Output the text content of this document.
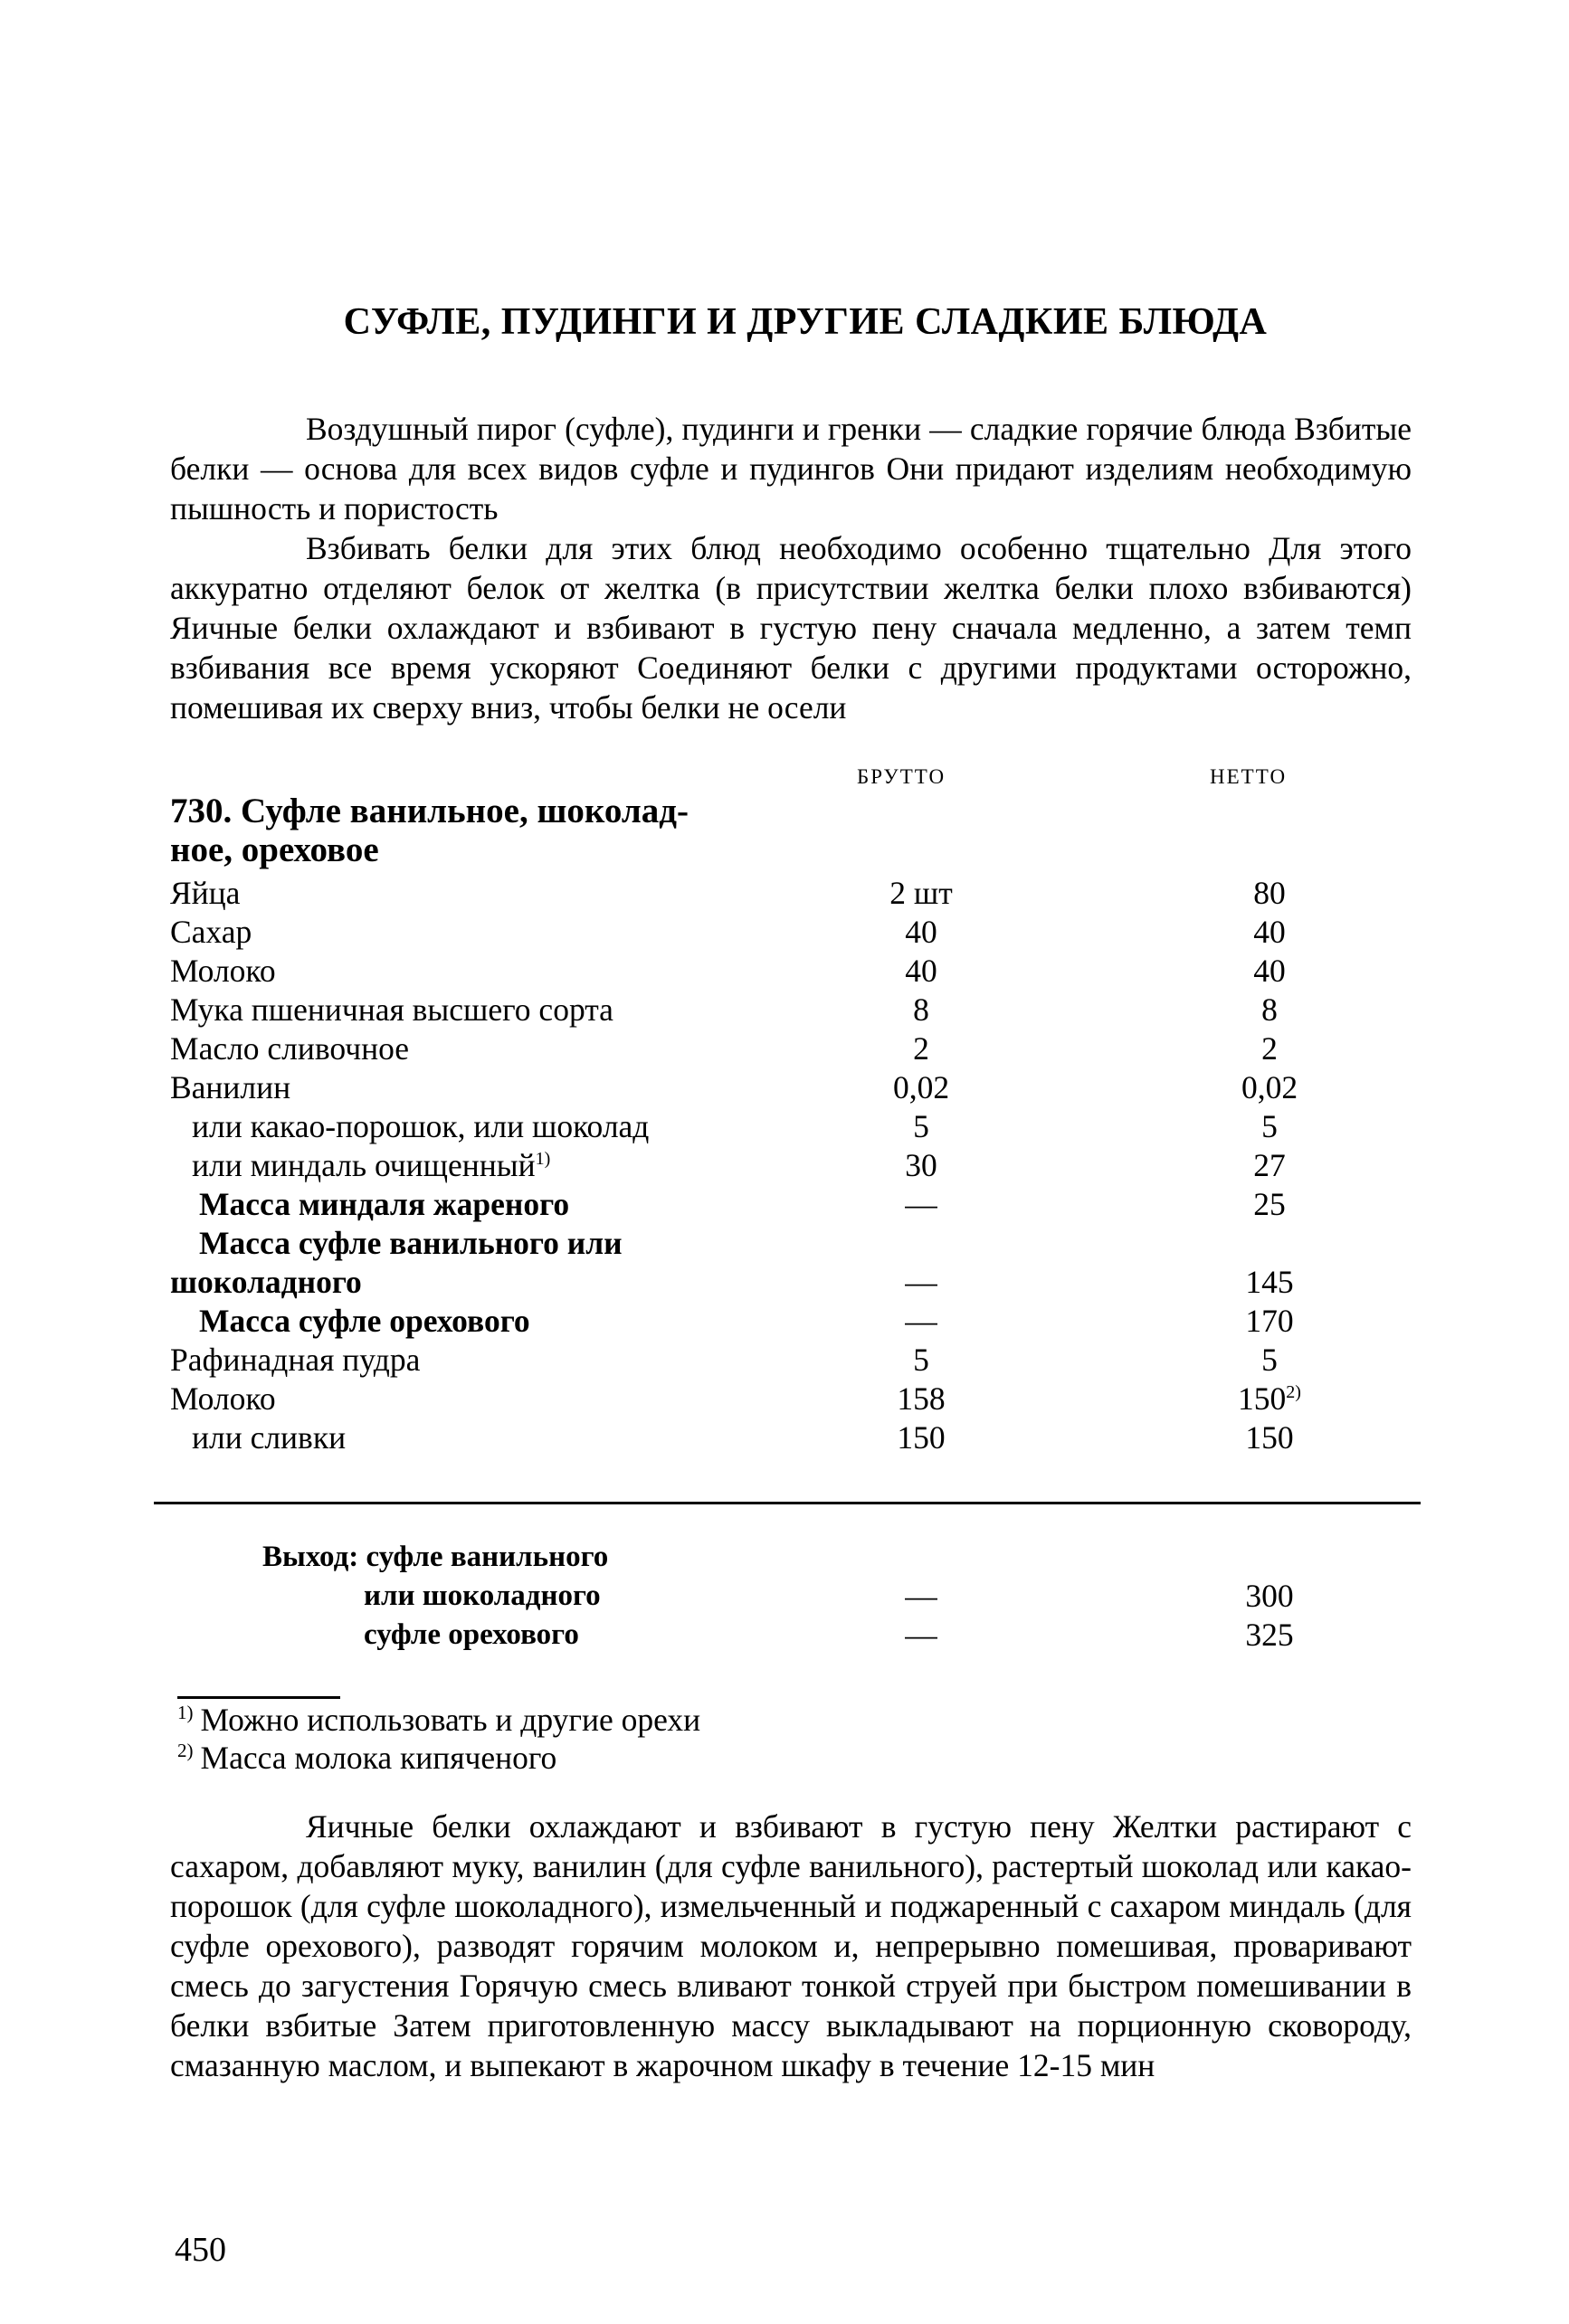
СУФЛЕ, ПУДИНГИ И ДРУГИЕ СЛАДКИЕ БЛЮДА

Воздушный пирог (суфле), пудинги и гренки — сладкие горячие блюда Взбитые белки — основа для всех видов суфле и пудингов Они придают изделиям необходимую пышность и пористость

Взбивать белки для этих блюд необходимо особенно тщательно Для этого аккуратно отделяют белок от желтка (в присутствии желтка белки плохо взбиваются) Яичные белки охлаждают и взбивают в густую пену сначала медленно, а затем темп взбивания все время ускоряют Соединяют белки с другими продуктами осторожно, помешивая их сверху вниз, чтобы белки не осели

БРУТТО	НЕТТО
730. Суфле ванильное, шоколад-
ное, ореховое
Яйца	2 шт	80
Сахар	40	40
Молоко	40	40
Мука пшеничная высшего сорта	8	8
Масло сливочное	2	2
Ванилин	0,02	0,02
или какао-порошок, или шоколад	5	5
или миндаль очищенный$^{1)}$	30	27
Масса миндаля жареного	—	25
Масса суфле ванильного или
шоколадного	—	145
Масса суфле орехового	—	170
Рафинадная пудра	5	5
Молоко	158	150$^{2)}$
или сливки	150	150
Выход: суфле ванильного
или шоколадного	—	300
суфле орехового	—	325
$^{1)}$ Можно использовать и другие орехи
$^{2)}$ Масса молока кипяченого

Яичные белки охлаждают и взбивают в густую пену Желтки растирают с сахаром, добавляют муку, ванилин (для суфле ванильного), растертый шоколад или какао-порошок (для суфле шоколадного), измельченный и поджаренный с сахаром миндаль (для суфле орехового), разводят горячим молоком и, непрерывно помешивая, проваривают смесь до загустения Горячую смесь вливают тонкой струей при быстром помешивании в белки взбитые Затем приготовленную массу выкладывают на порционную сковороду, смазанную маслом, и выпекают в жарочном шкафу в течение 12-15 мин

450
